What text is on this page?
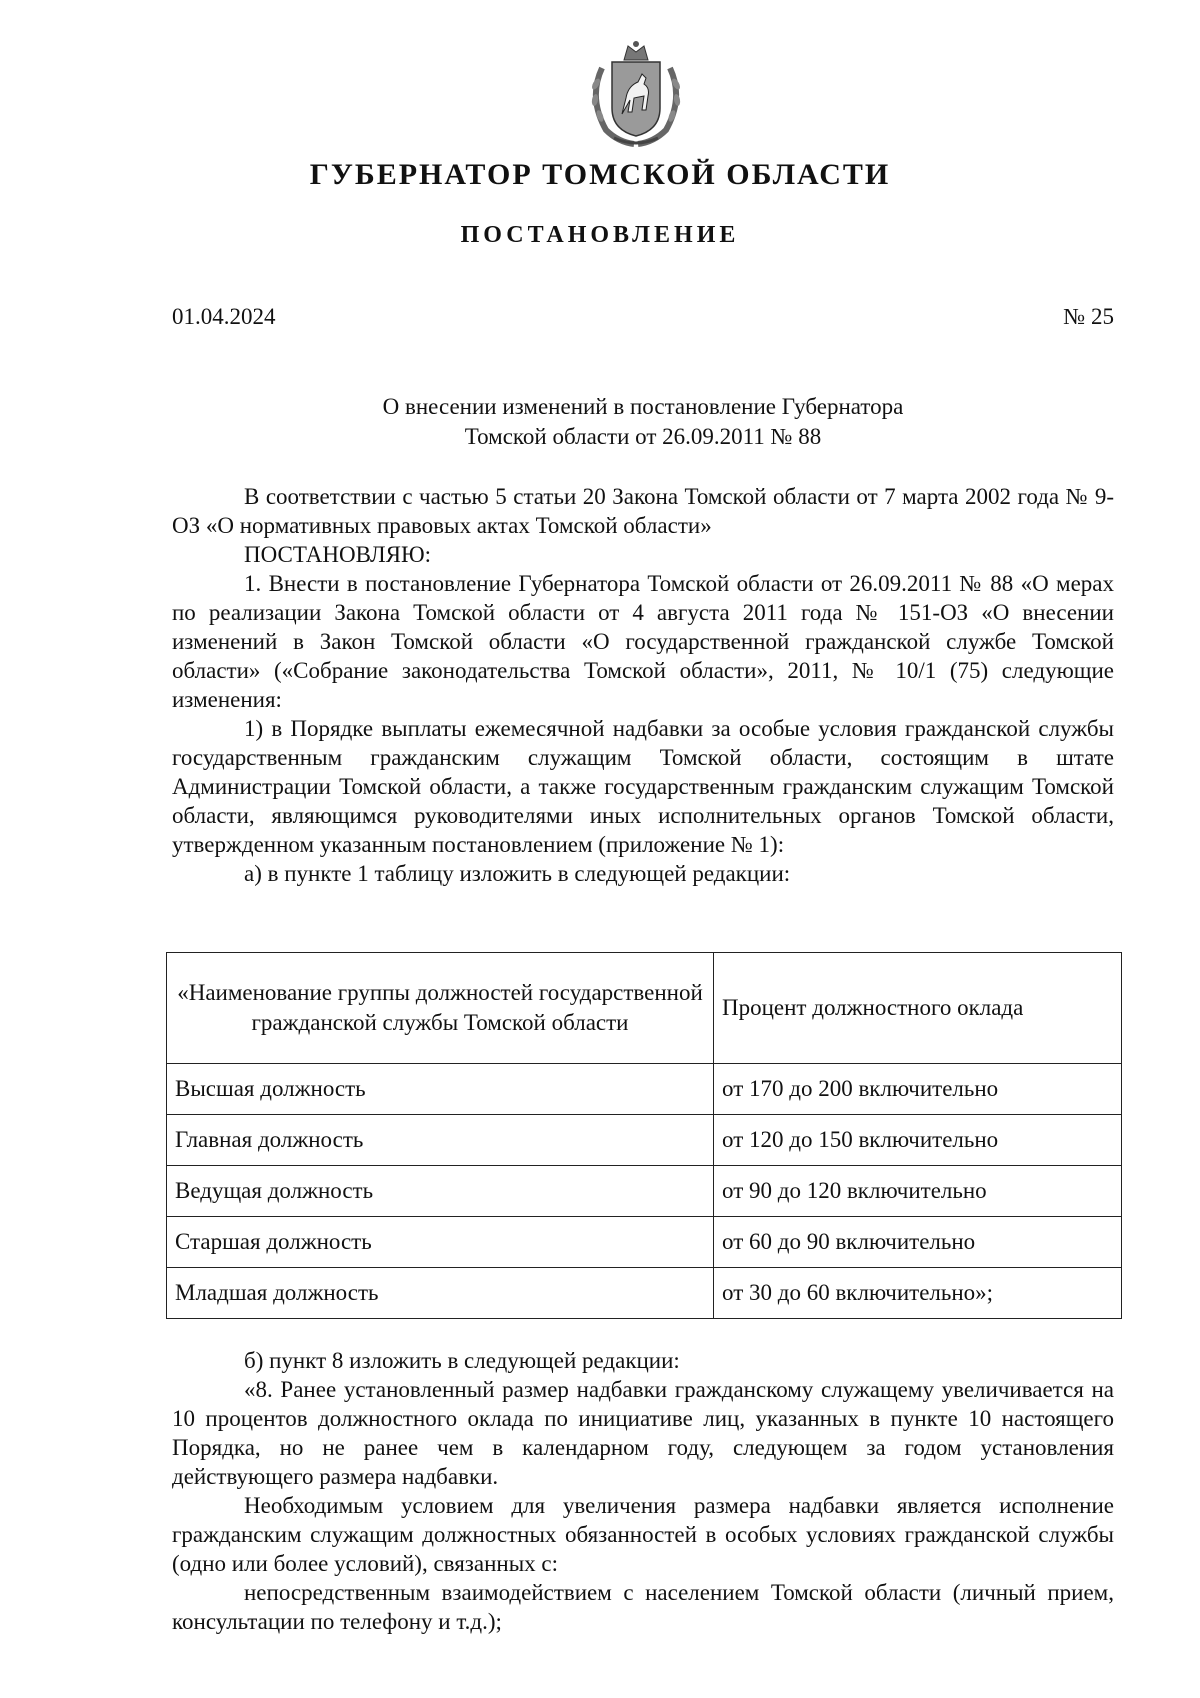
ГУБЕРНАТОР ТОМСКОЙ ОБЛАСТИ
ПОСТАНОВЛЕНИЕ
01.04.2024	№ 25
О внесении изменений в постановление Губернатора
Томской области от 26.09.2011 № 88

В соответствии с частью 5 статьи 20 Закона Томской области от 7 марта 2002 года № 9-ОЗ «О нормативных правовых актах Томской области»

ПОСТАНОВЛЯЮ:

1. Внести в постановление Губернатора Томской области от 26.09.2011 № 88 «О мерах по реализации Закона Томской области от 4 августа 2011 года № 151-ОЗ «О внесении изменений в Закон Томской области «О государственной гражданской службе Томской области» («Собрание законодательства Томской области», 2011, № 10/1 (75) следующие изменения:

1) в Порядке выплаты ежемесячной надбавки за особые условия гражданской службы государственным гражданским служащим Томской области, состоящим в штате Администрации Томской области, а также государственным гражданским служащим Томской области, являющимся руководителями иных исполнительных органов Томской области, утвержденном указанным постановлением (приложение № 1):

а) в пункте 1 таблицу изложить в следующей редакции:

«Наименование группы должностей государственной гражданской службы Томской области	Процент должностного оклада
Высшая должность	от 170 до 200 включительно
Главная должность	от 120 до 150 включительно
Ведущая должность	от 90 до 120 включительно
Старшая должность	от 60 до 90 включительно
Младшая должность	от 30 до 60 включительно»;

б) пункт 8 изложить в следующей редакции:

«8. Ранее установленный размер надбавки гражданскому служащему увеличивается на 10 процентов должностного оклада по инициативе лиц, указанных в пункте 10 настоящего Порядка, но не ранее чем в календарном году, следующем за годом установления действующего размера надбавки.

Необходимым условием для увеличения размера надбавки является исполнение гражданским служащим должностных обязанностей в особых условиях гражданской службы (одно или более условий), связанных с:

непосредственным взаимодействием с населением Томской области (личный прием, консультации по телефону и т.д.);
